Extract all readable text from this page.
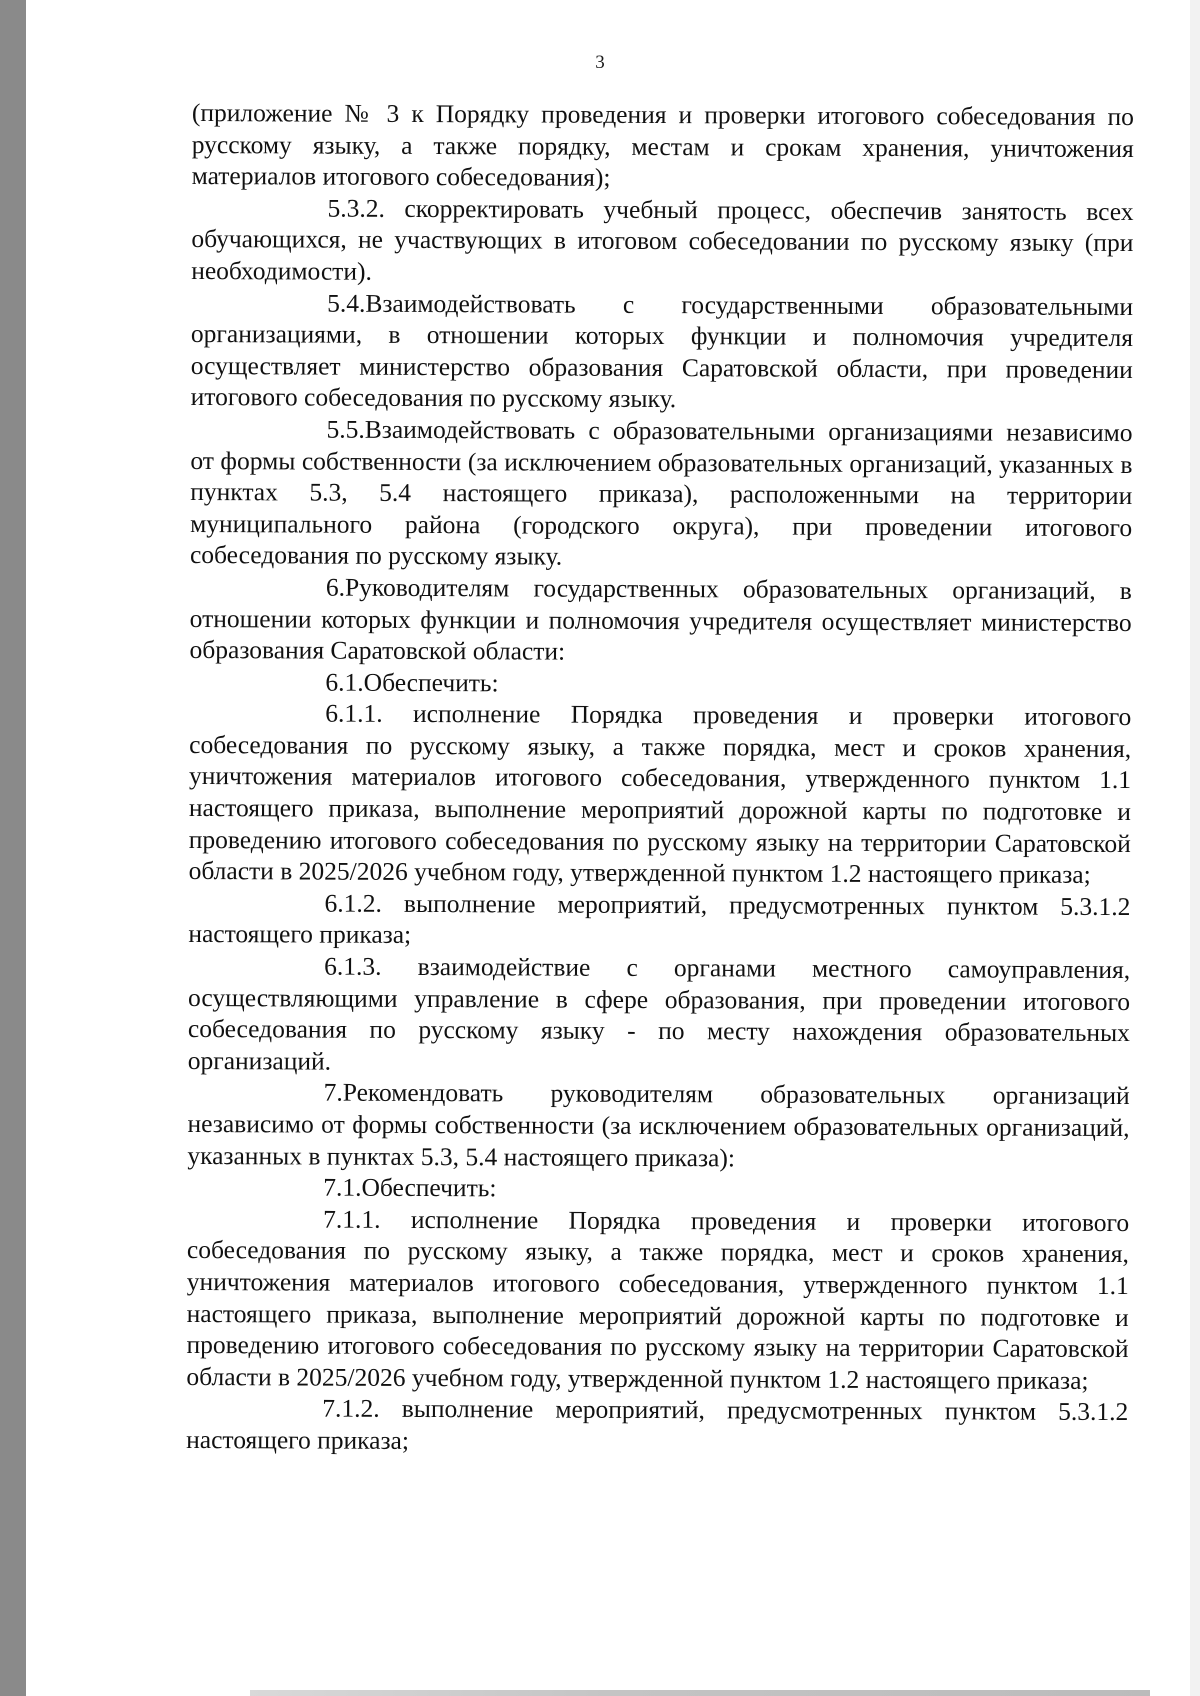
3

(приложение № 3 к Порядку проведения и проверки итогового собеседования по русскому языку, а также порядку, местам и срокам хранения, уничтожения материалов итогового собеседования);

5.3.2. скорректировать учебный процесс, обеспечив занятость всех обучающихся, не участвующих в итоговом собеседовании по русскому языку (при необходимости).

5.4.Взаимодействовать с государственными образовательными организациями, в отношении которых функции и полномочия учредителя осуществляет министерство образования Саратовской области, при проведении итогового собеседования по русскому языку.

5.5.Взаимодействовать с образовательными организациями независимо от формы собственности (за исключением образовательных организаций, указанных в пунктах 5.3, 5.4 настоящего приказа), расположенными на территории муниципального района (городского округа), при проведении итогового собеседования по русскому языку.

6.Руководителям государственных образовательных организаций, в отношении которых функции и полномочия учредителя осуществляет министерство образования Саратовской области:

6.1.Обеспечить:

6.1.1. исполнение Порядка проведения и проверки итогового собеседования по русскому языку, а также порядка, мест и сроков хранения, уничтожения материалов итогового собеседования, утвержденного пунктом 1.1 настоящего приказа, выполнение мероприятий дорожной карты по подготовке и проведению итогового собеседования по русскому языку на территории Саратовской области в 2025/2026 учебном году, утвержденной пунктом 1.2 настоящего приказа;

6.1.2. выполнение мероприятий, предусмотренных пунктом 5.3.1.2 настоящего приказа;

6.1.3. взаимодействие с органами местного самоуправления, осуществляющими управление в сфере образования, при проведении итогового собеседования по русскому языку - по месту нахождения образовательных организаций.

7.Рекомендовать руководителям образовательных организаций независимо от формы собственности (за исключением образовательных организаций, указанных в пунктах 5.3, 5.4 настоящего приказа):

7.1.Обеспечить:

7.1.1. исполнение Порядка проведения и проверки итогового собеседования по русскому языку, а также порядка, мест и сроков хранения, уничтожения материалов итогового собеседования, утвержденного пунктом 1.1 настоящего приказа, выполнение мероприятий дорожной карты по подготовке и проведению итогового собеседования по русскому языку на территории Саратовской области в 2025/2026 учебном году, утвержденной пунктом 1.2 настоящего приказа;

7.1.2. выполнение мероприятий, предусмотренных пунктом 5.3.1.2 настоящего приказа;
